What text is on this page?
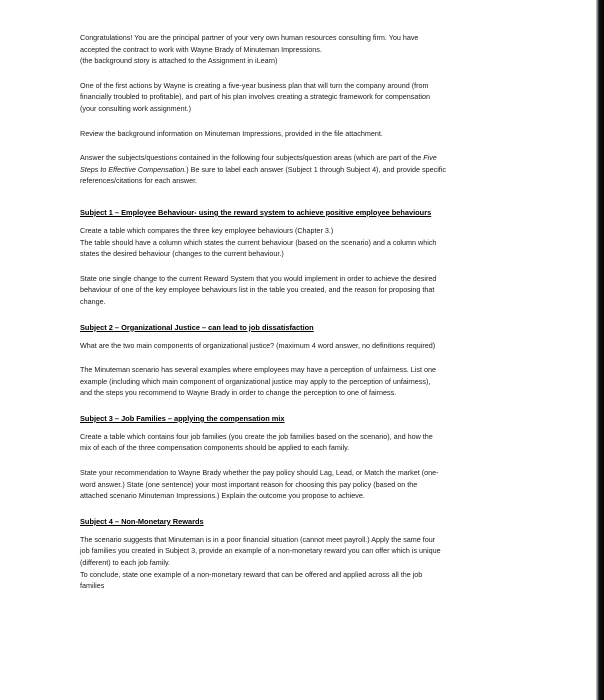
Congratulations! You are the principal partner of your very own human resources consulting firm. You have
accepted the contract to work with Wayne Brady of Minuteman Impressions.
(the background story is attached to the Assignment in iLearn)

One of the first actions by Wayne is creating a five-year business plan that will turn the company around (from
financially troubled to profitable), and part of his plan involves creating a strategic framework for compensation
(your consulting work assignment.)

Review the background information on Minuteman Impressions, provided in the file attachment.

Answer the subjects/questions contained in the following four subjects/question areas (which are part of the Five
Steps to Effective Compensation.) Be sure to label each answer (Subject 1 through Subject 4), and provide specific
references/citations for each answer.

Subject 1 – Employee Behaviour- using the reward system to achieve positive employee behaviours

Create a table which compares the three key employee behaviours (Chapter 3.)
The table should have a column which states the current behaviour (based on the scenario) and a column which
states the desired behaviour (changes to the current behaviour.)

State one single change to the current Reward System that you would implement in order to achieve the desired
behaviour of one of the key employee behaviours list in the table you created, and the reason for proposing that
change.

Subject 2 – Organizational Justice – can lead to job dissatisfaction

What are the two main components of organizational justice? (maximum 4 word answer, no definitions required)

The Minuteman scenario has several examples where employees may have a perception of unfairness. List one
example (including which main component of organizational justice may apply to the perception of unfairness),
and the steps you recommend to Wayne Brady in order to change the perception to one of fairness.

Subject 3 – Job Families – applying the compensation mix

Create a table which contains four job families (you create the job families based on the scenario), and how the
mix of each of the three compensation components should be applied to each family.

State your recommendation to Wayne Brady whether the pay policy should Lag, Lead, or Match the market (one-
word answer.) State (one sentence) your most important reason for choosing this pay policy (based on the
attached scenario Minuteman Impressions.) Explain the outcome you propose to achieve.

Subject 4 – Non-Monetary Rewards

The scenario suggests that Minuteman is in a poor financial situation (cannot meet payroll.) Apply the same four
job families you created in Subject 3, provide an example of a non-monetary reward you can offer which is unique
(different) to each job family.
To conclude, state one example of a non-monetary reward that can be offered and applied across all the job
families
